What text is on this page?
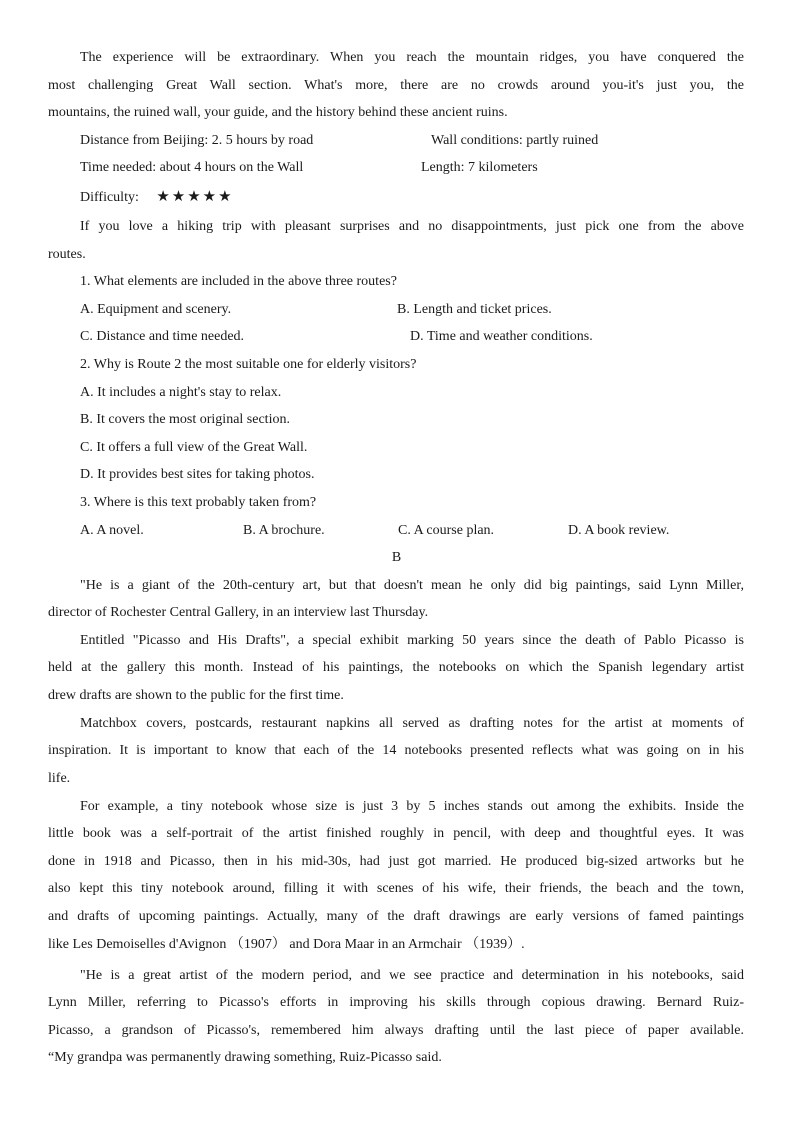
The experience will be extraordinary. When you reach the mountain ridges, you have conquered the
most challenging Great Wall section. What's more, there are no crowds around you-it's just you, the
mountains, the ruined wall, your guide, and the history behind these ancient ruins.
Distance from Beijing: 2. 5 hours by road	Wall conditions: partly ruined
Time needed: about 4 hours on the Wall	Length: 7 kilometers
Difficulty: ★★★★★
If you love a hiking trip with pleasant surprises and no disappointments, just pick one from the above
routes.
1. What elements are included in the above three routes?
A. Equipment and scenery.	B. Length and ticket prices.
C. Distance and time needed.	D. Time and weather conditions.
2. Why is Route 2 the most suitable one for elderly visitors?
A. It includes a night's stay to relax.
B. It covers the most original section.
C. It offers a full view of the Great Wall.
D. It provides best sites for taking photos.
3. Where is this text probably taken from?
A. A novel.	B. A brochure.	C. A course plan.	D. A book review.
B
"He is a giant of the 20th-century art, but that doesn't mean he only did big paintings, said Lynn Miller,
director of Rochester Central Gallery, in an interview last Thursday.
Entitled "Picasso and His Drafts", a special exhibit marking 50 years since the death of Pablo Picasso is
held at the gallery this month. Instead of his paintings, the notebooks on which the Spanish legendary artist
drew drafts are shown to the public for the first time.
Matchbox covers, postcards, restaurant napkins all served as drafting notes for the artist at moments of
inspiration. It is important to know that each of the 14 notebooks presented reflects what was going on in his
life.
For example, a tiny notebook whose size is just 3 by 5 inches stands out among the exhibits. Inside the
little book was a self-portrait of the artist finished roughly in pencil, with deep and thoughtful eyes. It was
done in 1918 and Picasso, then in his mid-30s, had just got married. He produced big-sized artworks but he
also kept this tiny notebook around, filling it with scenes of his wife, their friends, the beach and the town,
and drafts of upcoming paintings. Actually, many of the draft drawings are early versions of famed paintings
like Les Demoiselles d'Avignon （1907） and Dora Maar in an Armchair （1939）.
"He is a great artist of the modern period, and we see practice and determination in his notebooks, said
Lynn Miller, referring to Picasso's efforts in improving his skills through copious drawing. Bernard Ruiz-
Picasso, a grandson of Picasso's, remembered him always drafting until the last piece of paper available.
“My grandpa was permanently drawing something, Ruiz-Picasso said.
